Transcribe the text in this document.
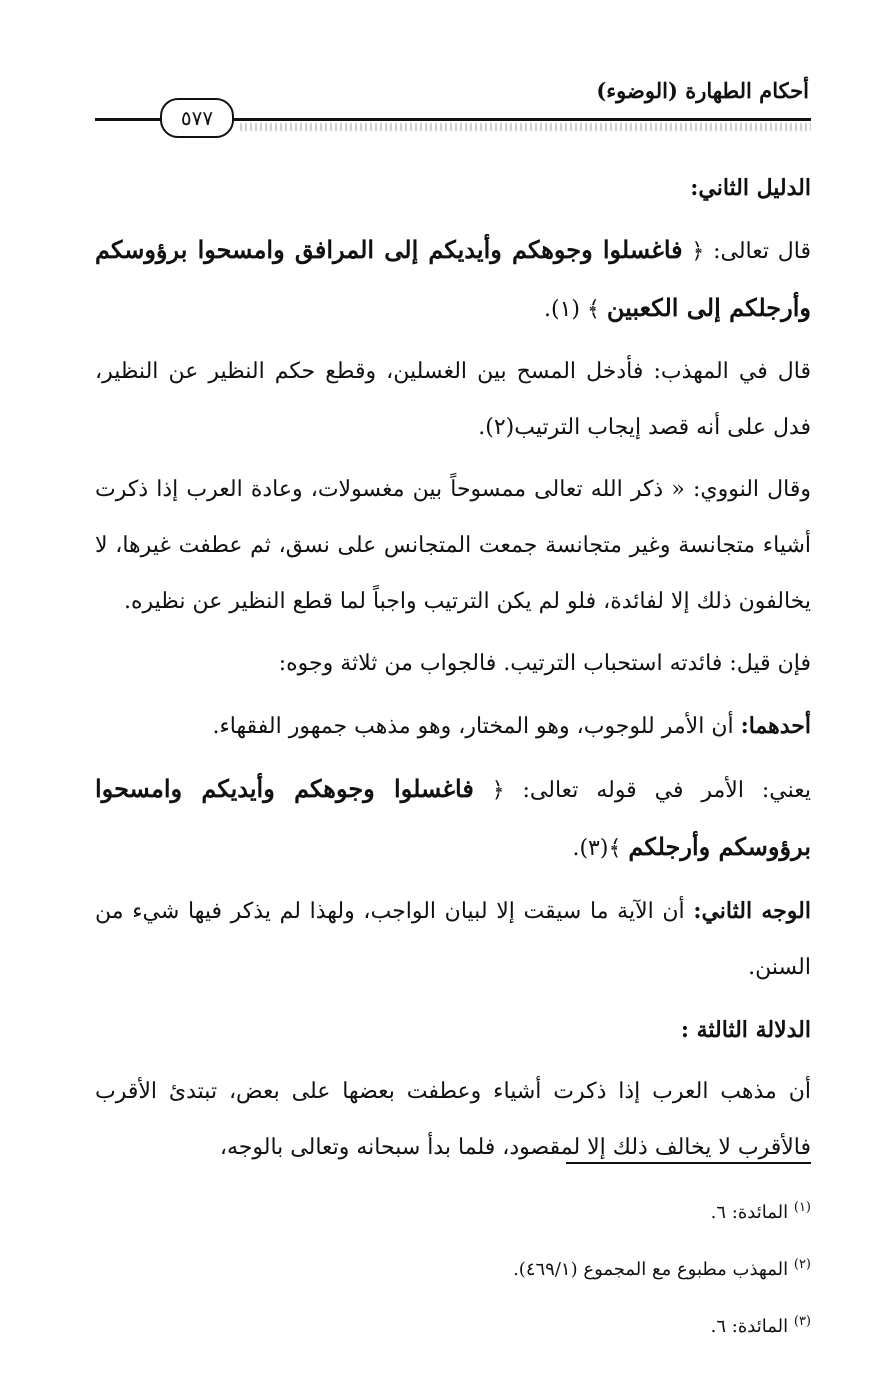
أحكام الطهارة (الوضوء)
٥٧٧

الدليل الثاني:

قال تعالى: ﴿ فاغسلوا وجوهكم وأيديكم إلى المرافق وامسحوا برؤوسكم وأرجلكم إلى الكعبين ﴾ (١).

قال في المهذب: فأدخل المسح بين الغسلين، وقطع حكم النظير عن النظير، فدل على أنه قصد إيجاب الترتيب(٢).

وقال النووي: « ذكر الله تعالى ممسوحاً بين مغسولات، وعادة العرب إذا ذكرت أشياء متجانسة وغير متجانسة جمعت المتجانس على نسق، ثم عطفت غيرها، لا يخالفون ذلك إلا لفائدة، فلو لم يكن الترتيب واجباً لما قطع النظير عن نظيره.

فإن قيل: فائدته استحباب الترتيب. فالجواب من ثلاثة وجوه:

أحدهما: أن الأمر للوجوب، وهو المختار، وهو مذهب جمهور الفقهاء.

يعني: الأمر في قوله تعالى: ﴿ فاغسلوا وجوهكم وأيديكم وامسحوا برؤوسكم وأرجلكم ﴾(٣).

الوجه الثاني: أن الآية ما سيقت إلا لبيان الواجب، ولهذا لم يذكر فيها شيء من السنن.

الدلالة الثالثة :

أن مذهب العرب إذا ذكرت أشياء وعطفت بعضها على بعض، تبتدئ الأقرب فالأقرب لا يخالف ذلك إلا لمقصود، فلما بدأ سبحانه وتعالى بالوجه،

$^{(١)}$ المائدة: ٦.
$^{(٢)}$ المهذب مطبوع مع المجموع (٤٦٩/١).
$^{(٣)}$ المائدة: ٦.
